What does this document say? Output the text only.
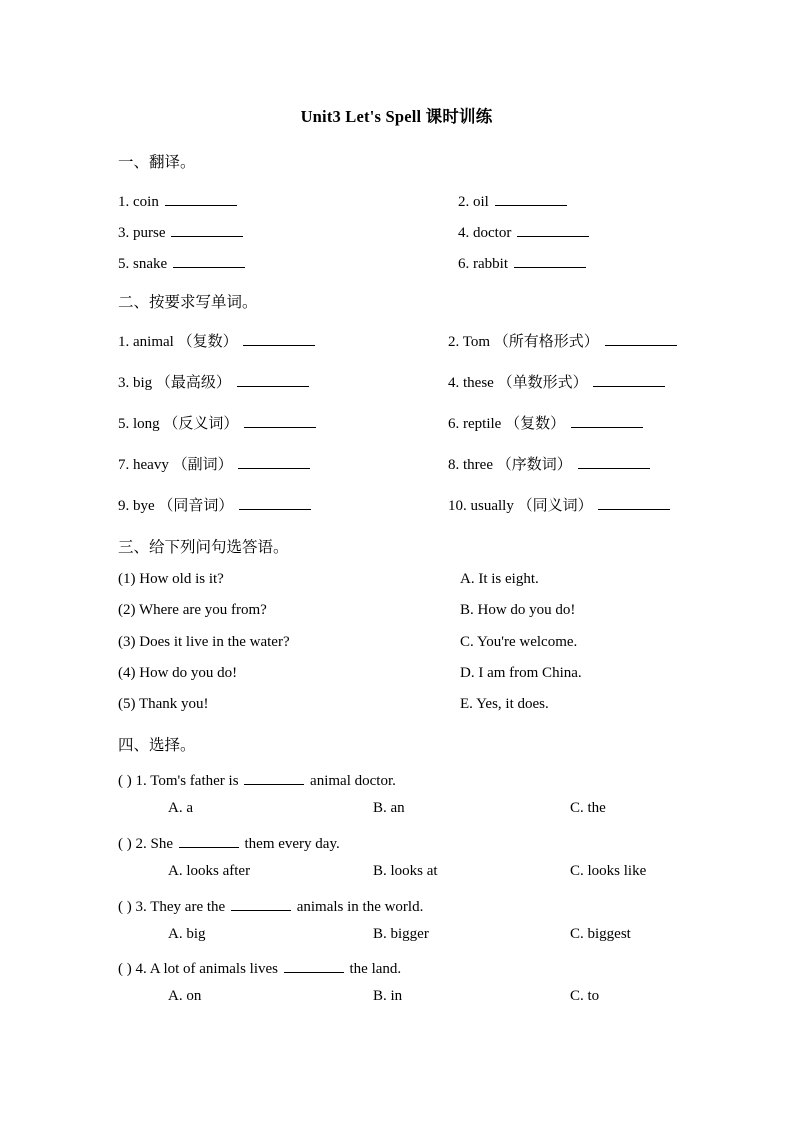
Unit3 Let's Spell 课时训练
一、翻译。
1. coin	2. oil
3. purse	4. doctor
5. snake	6. rabbit
二、按要求写单词。
1. animal （复数）	2. Tom （所有格形式）
3. big （最高级）	4. these （单数形式）
5. long （反义词）	6. reptile （复数）
7. heavy （副词）	8. three （序数词）
9. bye （同音词）	10. usually （同义词）
三、给下列问句选答语。
(1) How old is it?	A. It is eight.
(2) Where are you from?	B. How do you do!
(3) Does it live in the water?	C. You're welcome.
(4) How do you do!	D. I am from China.
(5) Thank you!	E. Yes, it does.
四、选择。
( ) 1. Tom's father is	animal doctor.
A. a	B. an	C. the
( ) 2. She	them every day.
A. looks after	B. looks at	C. looks like
( ) 3. They are the	animals in the world.
A. big	B. bigger	C. biggest
( ) 4. A lot of animals lives	the land.
A. on	B. in	C. to
